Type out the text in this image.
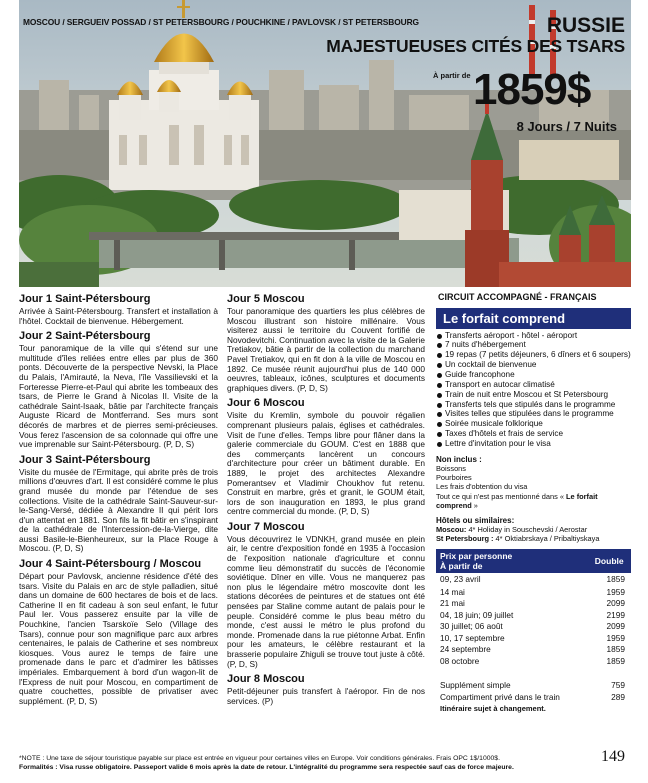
MOSCOU / SERGUEIV POSSAD / ST PETERSBOURG / POUCHKINE / PAVLOVSK / ST PETERSBOURG	RUSSIE
MAJESTUEUSES CITÉS DES TSARS
À partir de 1859$
8 Jours / 7 Nuits
Jour 1 Saint-Pétersbourg

Arrivée à Saint-Pétersbourg. Transfert et installation à l'hôtel. Cocktail de bienvenue. Hébergement.

Jour 2 Saint-Pétersbourg

Tour panoramique de la ville qui s'étend sur une multitude d'îles reliées entre elles par plus de 360 ponts. Découverte de la perspective Nevski, la Place du Palais, l'Amirauté, la Neva, l'île Vassilievski et la Forteresse Pierre-et-Paul qui abrite les tombeaux des tsars, de Pierre le Grand à Nicolas II. Visite de la cathédrale Saint-Isaak, bâtie par l'architecte français Auguste Ricard de Montferrand. Ses murs sont décorés de marbres et de pierres semi-précieuses. Vous ferez l'ascension de sa colonnade qui offre une vue imprenable sur Saint-Pétersbourg. (P, D, S)

Jour 3 Saint-Pétersbourg

Visite du musée de l'Ermitage, qui abrite près de trois millions d'œuvres d'art. Il est considéré comme le plus grand musée du monde par l'étendue de ses collections. Visite de la cathédrale Saint-Sauveur-sur-le-Sang-Versé, dédiée à Alexandre II qui périt lors d'un attentat en 1881. Son fils la fit bâtir en s'inspirant de la cathédrale de l'Intercession-de-la-Vierge, dite aussi Basile-le-Bienheureux, sur la Place Rouge à Moscou. (P, D, S)

Jour 4 Saint-Pétersbourg / Moscou

Départ pour Pavlovsk, ancienne résidence d'été des tsars. Visite du Palais en arc de style palladien, situé dans un domaine de 600 hectares de bois et de lacs. Catherine II en fit cadeau à son seul enfant, le futur Paul Ier. Vous passerez ensuite par la ville de Pouchkine, l'ancien Tsarskoïe Selo (Village des Tsars), connue pour son magnifique parc aux arbres centenaires, le palais de Catherine et ses nombreux kiosques. Vous aurez le temps de faire une promenade dans le parc et d'admirer les bâtisses impériales. Embarquement à bord d'un wagon-lit de l'Express de nuit pour Moscou, en compartiment de quatre couchettes, possible de privatiser avec supplément. (P, D, S)

Jour 5 Moscou

Tour panoramique des quartiers les plus célèbres de Moscou illustrant son histoire millénaire. Vous visiterez aussi le territoire du Couvent fortifié de Novodevitchi. Continuation avec la visite de la Galerie Tretiakov, bâtie à partir de la collection du marchand Pavel Tretiakov, qui en fit don à la ville de Moscou en 1892. Ce musée réunit aujourd'hui plus de 140 000 oeuvres, tableaux, icônes, sculptures et documents graphiques divers. (P, D, S)

Jour 6 Moscou

Visite du Kremlin, symbole du pouvoir régalien comprenant plusieurs palais, églises et cathédrales. Visit de l'une d'elles. Temps libre pour flâner dans la galerie commerciale du GOUM. C'est en 1888 que des commerçants lancèrent un concours d'architecture pour créer un bâtiment durable. En 1889, le projet des architectes Alexandre Pomerantsev et Vladimir Choukhov fut retenu. Construit en marbre, grès et granit, le GOUM était, lors de son inauguration en 1893, le plus grand centre commercial du monde. (P, D, S)

Jour 7 Moscou

Vous découvrirez le VDNKH, grand musée en plein air, le centre d'exposition fondé en 1935 à l'occasion de l'exposition nationale d'agriculture et connu comme lieu démonstratif du succès de l'économie soviétique. Dîner en ville. Vous ne manquerez pas non plus le légendaire métro moscovite dont les stations décorées de peintures et de statues ont été pensées par Staline comme autant de palais pour le peuple. Considéré comme le plus beau métro du monde, c'est aussi le métro le plus profond du monde. Promenade dans la rue piétonne Arbat. Enfin pour les amateurs, le célèbre restaurant et la brasserie populaire Zhiguli se trouve tout juste à côté. (P, D, S)

Jour 8 Moscou

Petit-déjeuner puis transfert à l'aéropor. Fin de nos services. (P)

CIRCUIT ACCOMPAGNÉ - FRANÇAIS
Le forfait comprend
Transferts aéroport - hôtel - aéroport
7 nuits d'hébergement
19 repas (7 petits déjeuners, 6 dîners et 6 soupers)
Un cocktail de bienvenue
Guide francophone
Transport en autocar climatisé
Train de nuit entre Moscou et St Petersbourg
Transferts tels que stipulés dans le programme
Visites telles que stipulées dans le programme
Soirée musicale folklorique
Taxes d'hôtels et frais de service
Lettre d'invitation pour le visa
Non inclus :
Boissons
Pourboires
Les frais d'obtention du visa
Tout ce qui n'est pas mentionné dans « Le forfait comprend »
Hôtels ou similaires:
Moscou: 4* Holiday in Souschevski / Aerostar
St Petersbourg : 4* Oktiabrskaya / Pribaltiyskaya
Prix par personne
À partir de	Double
09, 23 avril	1859
14 mai	1959
21 mai	2099
04, 18 juin; 09 juillet	2199
30 juillet; 06 août	2099
10, 17 septembre	1959
24 septembre	1859
08 octobre	1859

Supplément simple	759
Compartiment privé dans le train	289
Itinéraire sujet à changement.	
149
*NOTE : Une taxe de séjour touristique payable sur place est entrée en vigueur pour certaines villes en Europe. Voir conditions générales. Frais OPC 1$/1000$.
Formalités : Visa russe obligatoire. Passeport valide 6 mois après la date de retour. L'intégralité du programme sera respectée sauf cas de force majeure.
